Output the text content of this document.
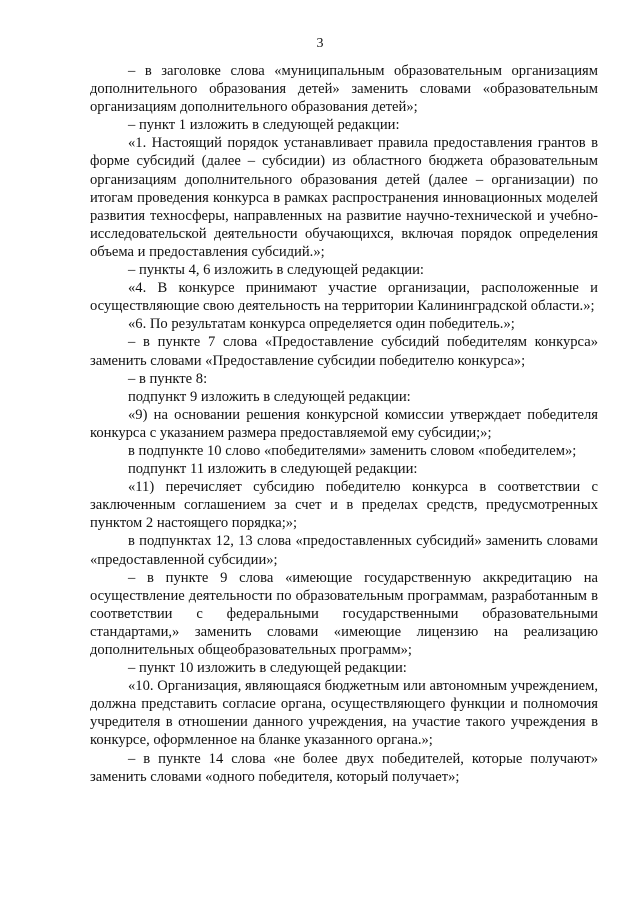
3

– в заголовке слова «муниципальным образовательным организациям дополнительного образования детей» заменить словами «образовательным организациям дополнительного образования детей»;

– пункт 1 изложить в следующей редакции:

«1. Настоящий порядок устанавливает правила предоставления грантов в форме субсидий (далее – субсидии) из областного бюджета образовательным организациям дополнительного образования детей (далее – организации) по итогам проведения конкурса в рамках распространения инновационных моделей развития техносферы, направленных на развитие научно-технической и учебно-исследовательской деятельности обучающихся, включая порядок определения объема и предоставления субсидий.»;

– пункты 4, 6 изложить в следующей редакции:

«4. В конкурсе принимают участие организации, расположенные и осуществляющие свою деятельность на территории Калининградской области.»;

«6. По результатам конкурса определяется один победитель.»;

– в пункте 7 слова «Предоставление субсидий победителям конкурса» заменить словами «Предоставление субсидии победителю конкурса»;

– в пункте 8:

подпункт 9 изложить в следующей редакции:

«9) на основании решения конкурсной комиссии утверждает победителя конкурса с указанием размера предоставляемой ему субсидии;»;

в подпункте 10 слово «победителями» заменить словом «победителем»;

подпункт 11 изложить в следующей редакции:

«11) перечисляет субсидию победителю конкурса в соответствии с заключенным соглашением за счет и в пределах средств, предусмотренных пунктом 2 настоящего порядка;»;

в подпунктах 12, 13 слова «предоставленных субсидий» заменить словами «предоставленной субсидии»;

– в пункте 9 слова «имеющие государственную аккредитацию на осуществление деятельности по образовательным программам, разработанным в соответствии с федеральными государственными образовательными стандартами,» заменить словами «имеющие лицензию на реализацию дополнительных общеобразовательных программ»;

– пункт 10 изложить в следующей редакции:

«10. Организация, являющаяся бюджетным или автономным учреждением, должна представить согласие органа, осуществляющего функции и полномочия учредителя в отношении данного учреждения, на участие такого учреждения в конкурсе, оформленное на бланке указанного органа.»;

– в пункте 14 слова «не более двух победителей, которые получают» заменить словами «одного победителя, который получает»;
